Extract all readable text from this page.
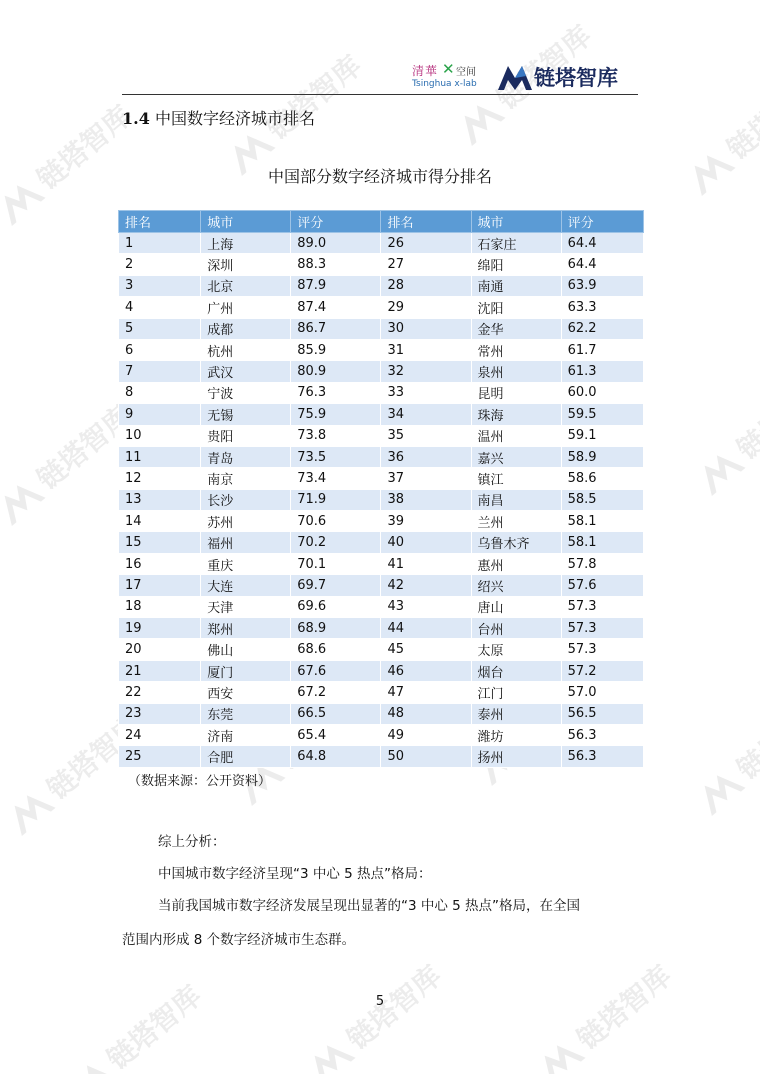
链塔智库
清華 ✕ 空间
Tsinghua x-lab	链塔智库
1.4 中国数字经济城市排名
中国部分数字经济城市得分排名
排名	城市	评分	排名	城市	评分
1	上海	89.0	26	石家庄	64.4
2	深圳	88.3	27	绵阳	64.4
3	北京	87.9	28	南通	63.9
4	广州	87.4	29	沈阳	63.3
5	成都	86.7	30	金华	62.2
6	杭州	85.9	31	常州	61.7
7	武汉	80.9	32	泉州	61.3
8	宁波	76.3	33	昆明	60.0
9	无锡	75.9	34	珠海	59.5
10	贵阳	73.8	35	温州	59.1
11	青岛	73.5	36	嘉兴	58.9
12	南京	73.4	37	镇江	58.6
13	长沙	71.9	38	南昌	58.5
14	苏州	70.6	39	兰州	58.1
15	福州	70.2	40	乌鲁木齐	58.1
16	重庆	70.1	41	惠州	57.8
17	大连	69.7	42	绍兴	57.6
18	天津	69.6	43	唐山	57.3
19	郑州	68.9	44	台州	57.3
20	佛山	68.6	45	太原	57.3
21	厦门	67.6	46	烟台	57.2
22	西安	67.2	47	江门	57.0
23	东莞	66.5	48	泰州	56.5
24	济南	65.4	49	潍坊	56.3
25	合肥	64.8	50	扬州	56.3
（数据来源：公开资料）
综上分析：
中国城市数字经济呈现“3 中心 5 热点”格局：
当前我国城市数字经济发展呈现出显著的“3 中心 5 热点”格局，在全国
范围内形成 8 个数字经济城市生态群。
5
